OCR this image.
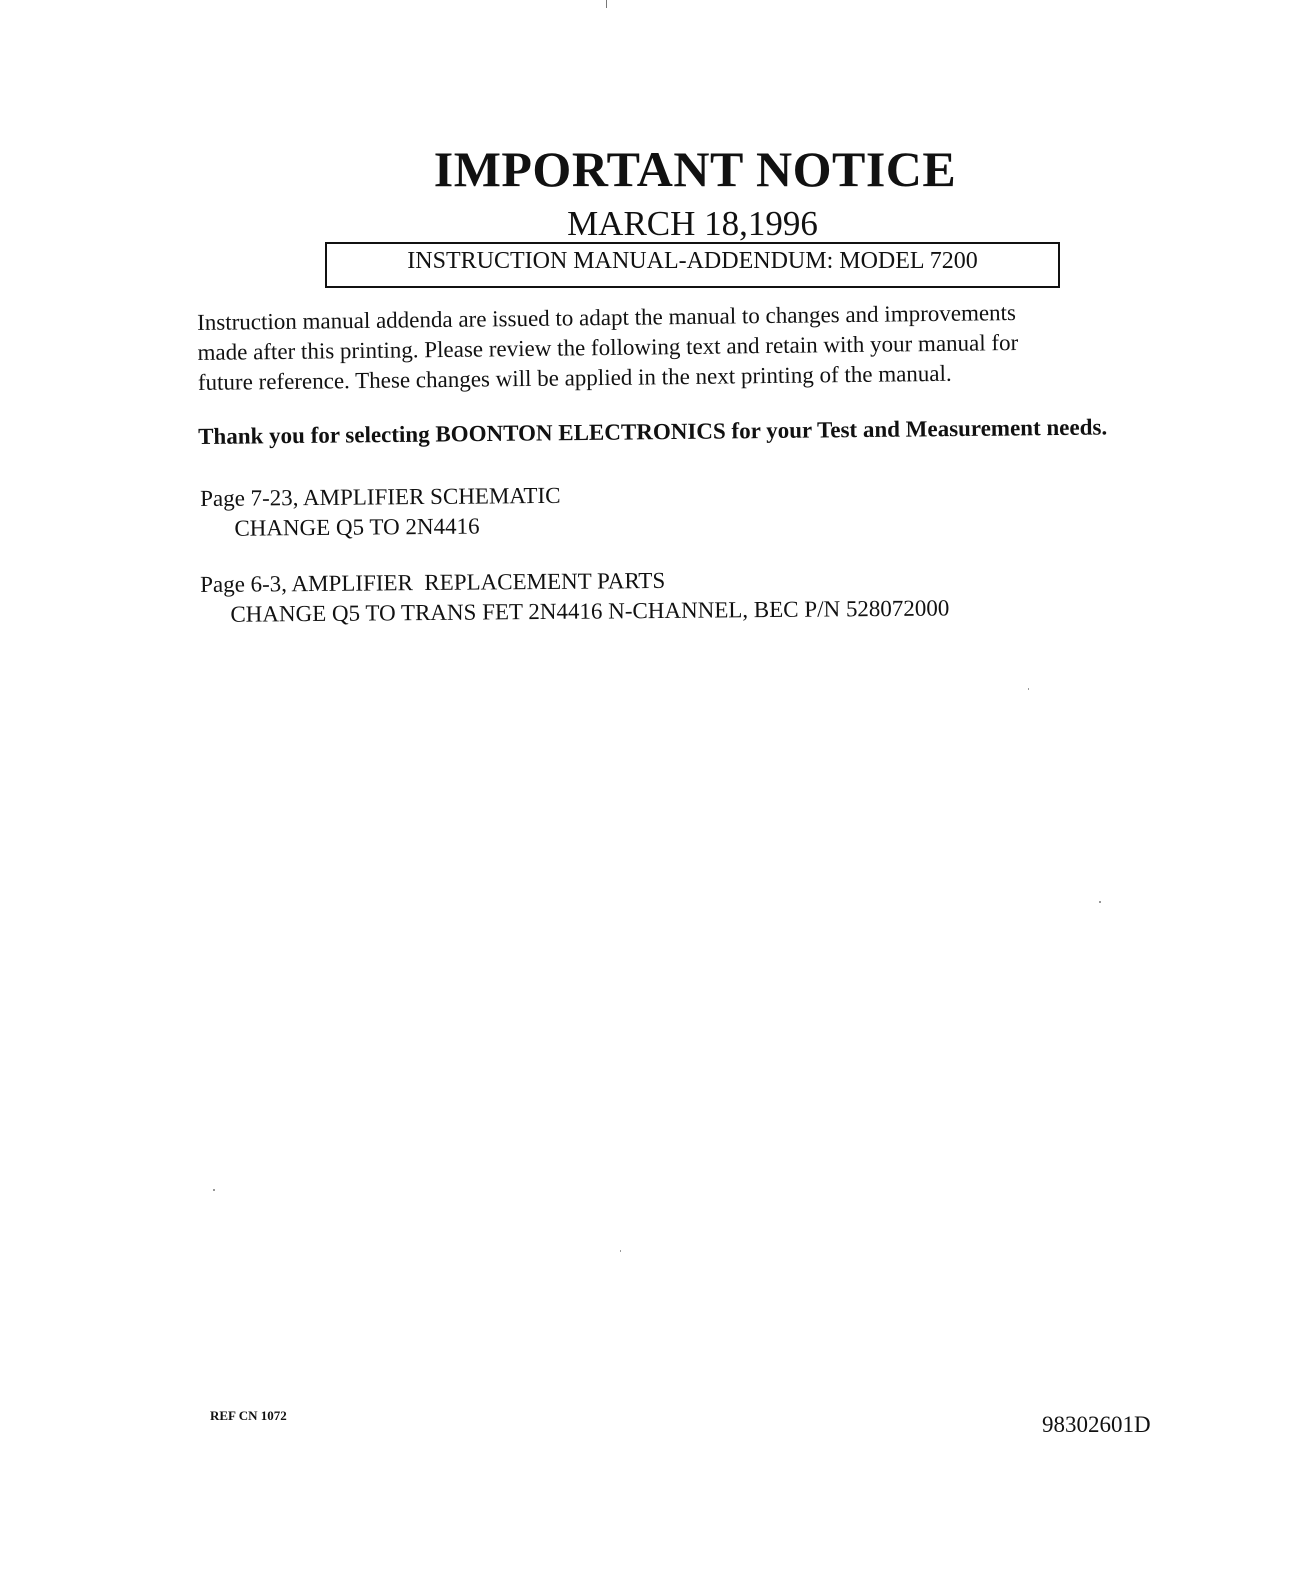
IMPORTANT NOTICE
MARCH 18,1996
INSTRUCTION MANUAL-ADDENDUM: MODEL 7200
Instruction manual addenda are issued to adapt the manual to changes and improvements
made after this printing. Please review the following text and retain with your manual for
future reference. These changes will be applied in the next printing of the manual.
Thank you for selecting BOONTON ELECTRONICS for your Test and Measurement needs.
Page 7-23, AMPLIFIER SCHEMATIC
CHANGE Q5 TO 2N4416
Page 6-3, AMPLIFIER  REPLACEMENT PARTS
CHANGE Q5 TO TRANS FET 2N4416 N-CHANNEL, BEC P/N 528072000
REF CN 1072	98302601D
